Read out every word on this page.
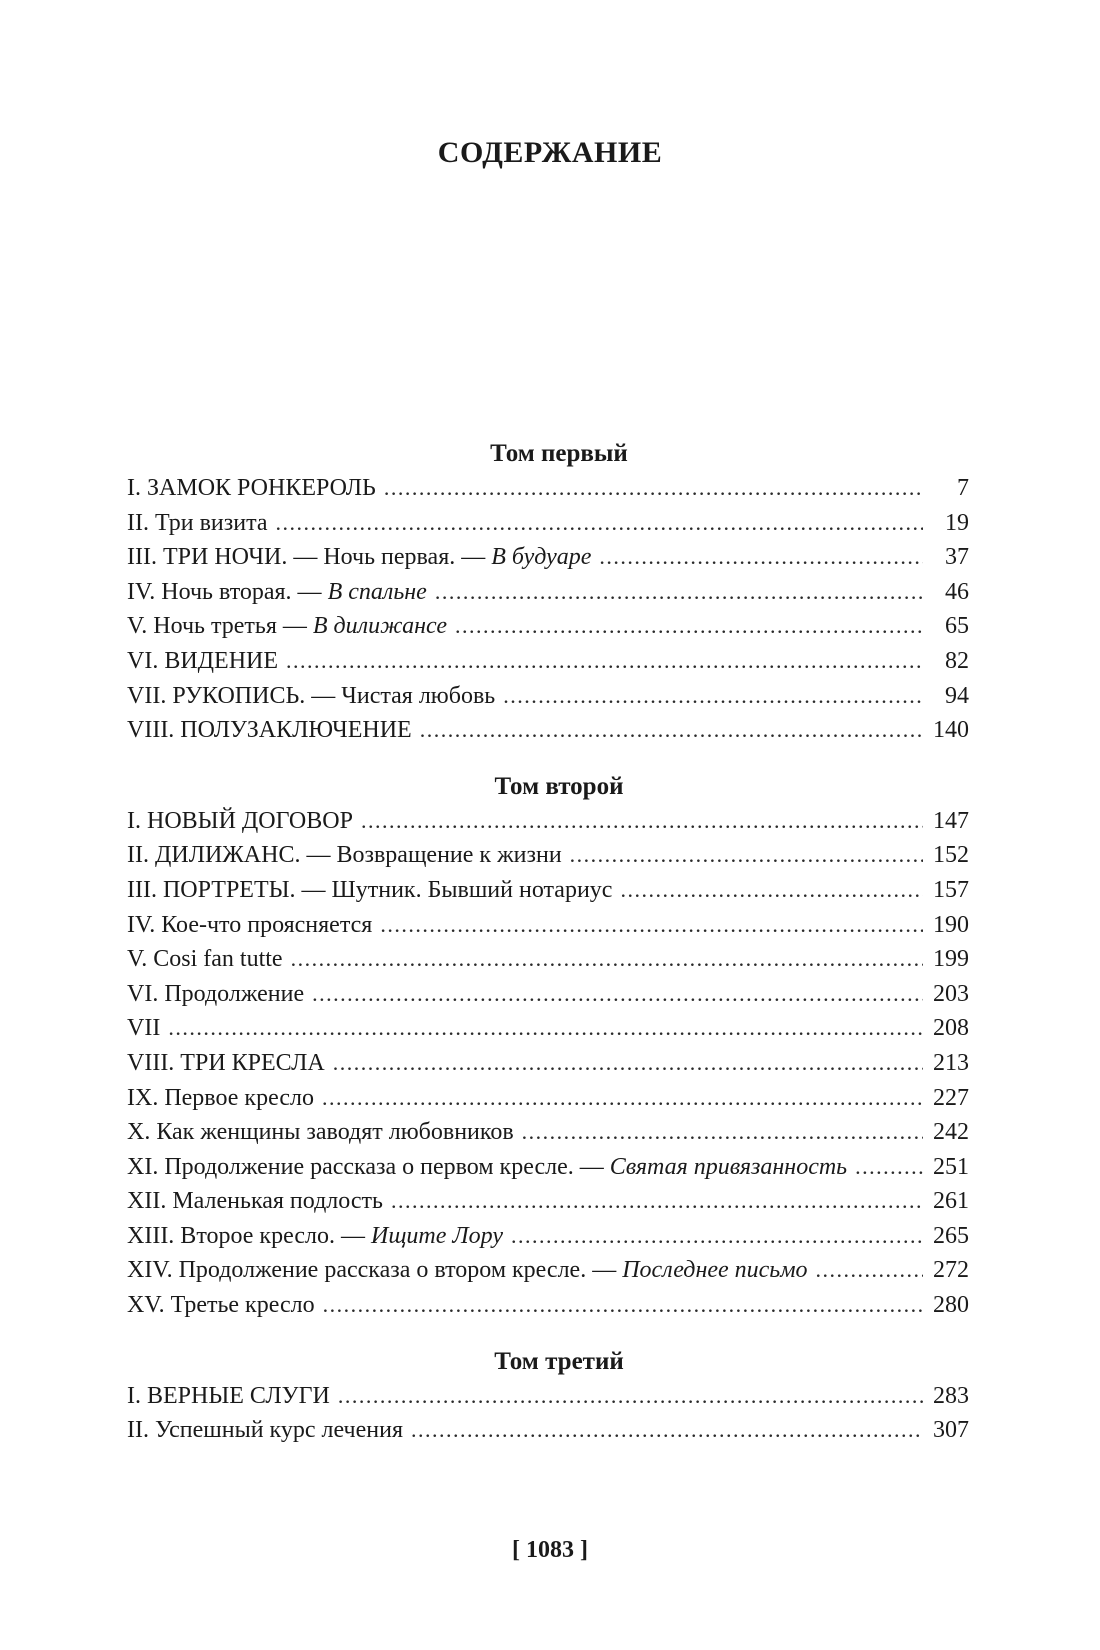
СОДЕРЖАНИЕ
Том первый
I. ЗАМОК РОНКЕРОЛЬ . . .	7
II. Три визита . . .	19
III. ТРИ НОЧИ. — Ночь первая. — В будуаре . . .	37
IV. Ночь вторая. — В спальне . . .	46
V. Ночь третья — В дилижансе . . .	65
VI. ВИДЕНИЕ . . .	82
VII. РУКОПИСЬ. — Чистая любовь . . .	94
VIII. ПОЛУЗАКЛЮЧЕНИЕ . . .	140
Том второй
I. НОВЫЙ ДОГОВОР . . .	147
II. ДИЛИЖАНС. — Возвращение к жизни . . .	152
III. ПОРТРЕТЫ. — Шутник. Бывший нотариус . . .	157
IV. Кое-что проясняется . . .	190
V. Cosi fan tutte . . .	199
VI. Продолжение . . .	203
VII . . .	208
VIII. ТРИ КРЕСЛА . . .	213
IX. Первое кресло . . .	227
X. Как женщины заводят любовников . . .	242
XI. Продолжение рассказа о первом кресле. — Святая привязанность . . .	251
XII. Маленькая подлость . . .	261
XIII. Второе кресло. — Ищите Лору . . .	265
XIV. Продолжение рассказа о втором кресле. — Последнее письмо . . .	272
XV. Третье кресло . . .	280
Том третий
I. ВЕРНЫЕ СЛУГИ . . .	283
II. Успешный курс лечения . . .	307
[ 1083 ]
